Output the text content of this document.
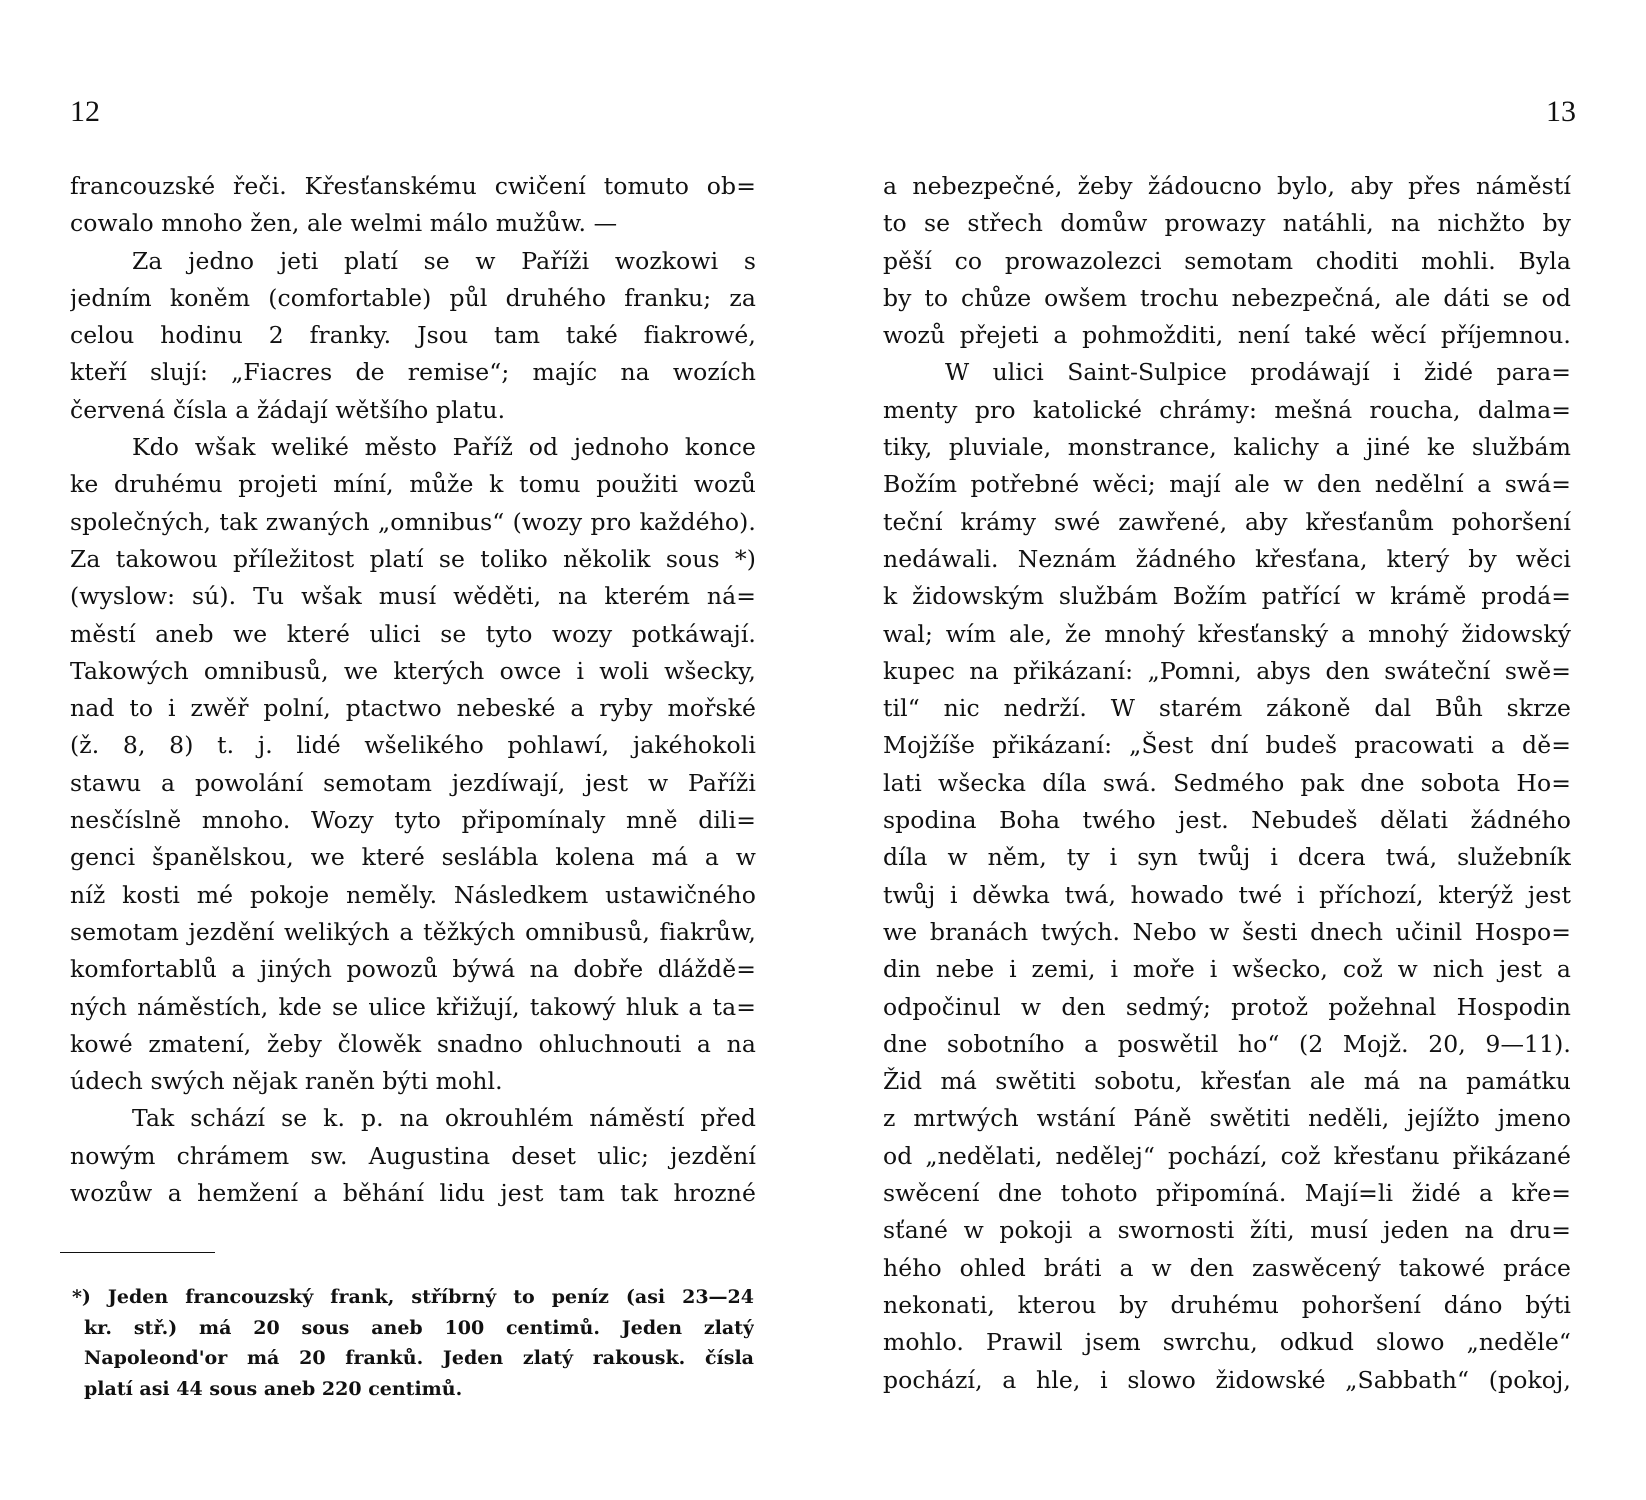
12
francouzské řeči. Křesťanskému cwičení tomuto ob=
cowalo mnoho žen, ale welmi málo mužůw. —
Za jedno jeti platí se w Paříži wozkowi s
jedním koněm (comfortable) půl druhého franku; za
celou hodinu 2 franky. Jsou tam také fiakrowé,
kteří slují: „Fiacres de remise“; majíc na wozích
červená čísla a žádají wětšího platu.
Kdo wšak weliké město Paříž od jednoho konce
ke druhému projeti míní, může k tomu použiti wozů
společných, tak zwaných „omnibus“ (wozy pro každého).
Za takowou příležitost platí se toliko několik sous *)
(wyslow: sú). Tu wšak musí wěděti, na kterém ná=
městí aneb we které ulici se tyto wozy potkáwají.
Takowých omnibusů, we kterých owce i woli wšecky,
nad to i zwěř polní, ptactwo nebeské a ryby mořské
(ž. 8, 8) t. j. lidé wšelikého pohlawí, jakéhokoli
stawu a powolání semotam jezdíwají, jest w Paříži
nesčíslně mnoho. Wozy tyto připomínaly mně dili=
genci španělskou, we které seslábla kolena má a w
níž kosti mé pokoje neměly. Následkem ustawičného
semotam jezdění welikých a těžkých omnibusů, fiakrůw,
komfortablů a jiných powozů býwá na dobře dláždě=
ných náměstích, kde se ulice křižují, takowý hluk a ta=
kowé zmatení, žeby člowěk snadno ohluchnouti a na
údech swých nějak raněn býti mohl.
Tak schází se k. p. na okrouhlém náměstí před
nowým chrámem sw. Augustina deset ulic; jezdění
wozůw a hemžení a běhání lidu jest tam tak hrozné
*) Jeden francouzský frank, stříbrný to peníz (asi 23—24
kr. stř.) má 20 sous aneb 100 centimů. Jeden zlatý
Napoleond'or má 20 franků. Jeden zlatý rakousk. čísla
platí asi 44 sous aneb 220 centimů.
13
a nebezpečné, žeby žádoucno bylo, aby přes náměstí
to se střech domůw prowazy natáhli, na nichžto by
pěší co prowazolezci semotam choditi mohli. Byla
by to chůze owšem trochu nebezpečná, ale dáti se od
wozů přejeti a pohmožditi, není také wěcí příjemnou.
W ulici Saint-Sulpice prodáwají i židé para=
menty pro katolické chrámy: mešná roucha, dalma=
tiky, pluviale, monstrance, kalichy a jiné ke službám
Božím potřebné wěci; mají ale w den nedělní a swá=
teční krámy swé zawřené, aby křesťanům pohoršení
nedáwali. Neznám žádného křesťana, který by wěci
k židowským službám Božím patřící w krámě prodá=
wal; wím ale, že mnohý křesťanský a mnohý židowský
kupec na přikázaní: „Pomni, abys den swáteční swě=
til“ nic nedrží. W starém zákoně dal Bůh skrze
Mojžíše přikázaní: „Šest dní budeš pracowati a dě=
lati wšecka díla swá. Sedmého pak dne sobota Ho=
spodina Boha twého jest. Nebudeš dělati žádného
díla w něm, ty i syn twůj i dcera twá, služebník
twůj i děwka twá, howado twé i příchozí, kterýž jest
we branách twých. Nebo w šesti dnech učinil Hospo=
din nebe i zemi, i moře i wšecko, což w nich jest a
odpočinul w den sedmý; protož požehnal Hospodin
dne sobotního a poswětil ho“ (2 Mojž. 20, 9—11).
Žid má swětiti sobotu, křesťan ale má na památku
z mrtwých wstání Páně swětiti neděli, jejížto jmeno
od „nedělati, nedělej“ pochází, což křesťanu přikázané
swěcení dne tohoto připomíná. Mají=li židé a kře=
sťané w pokoji a swornosti žíti, musí jeden na dru=
hého ohled bráti a w den zaswěcený takowé práce
nekonati, kterou by druhému pohoršení dáno býti
mohlo. Prawil jsem swrchu, odkud slowo „neděle“
pochází, a hle, i slowo židowské „Sabbath“ (pokoj,
